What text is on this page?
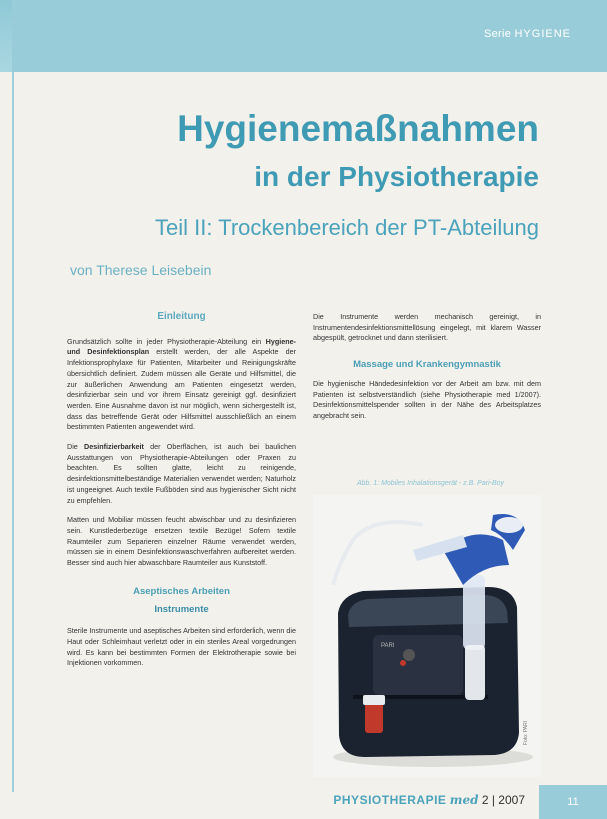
Serie HYGIENE
Hygienemaßnahmen
in der Physiotherapie
Teil II: Trockenbereich der PT-Abteilung
von Therese Leisebein
Einleitung

Grundsätzlich sollte in jeder Physiotherapie-Abteilung ein Hygiene- und Desinfektionsplan erstellt werden, der alle Aspekte der Infektionsprophylaxe für Patienten, Mitarbeiter und Reinigungskräfte übersichtlich definiert. Zudem müssen alle Geräte und Hilfsmittel, die zur äußerlichen Anwendung am Patienten eingesetzt werden, desinfizierbar sein und vor ihrem Einsatz gereinigt ggf. desinfiziert werden. Eine Ausnahme davon ist nur möglich, wenn sichergestellt ist, dass das betreffende Gerät oder Hilfsmittel ausschließlich an einem bestimmten Patienten angewendet wird.

Die Desinfizierbarkeit der Oberflächen, ist auch bei baulichen Ausstattungen von Physiotherapie-Abteilungen oder Praxen zu beachten. Es sollten glatte, leicht zu reinigende, desinfektionsmittelbeständige Materialien verwendet werden; Naturholz ist ungeeignet. Auch textile Fußböden sind aus hygienischer Sicht nicht zu empfehlen.

Matten und Mobiliar müssen feucht abwischbar und zu desinfizieren sein. Kunstlederbezüge ersetzen textile Bezüge! Sofern textile Raumteiler zum Separieren einzelner Räume verwendet werden, müssen sie in einem Desinfektionswaschverfahren aufbereitet werden. Besser sind auch hier abwaschbare Raumteiler aus Kunststoff.

Aseptisches Arbeiten
Instrumente

Sterile Instrumente und aseptisches Arbeiten sind erforderlich, wenn die Haut oder Schleimhaut verletzt oder in ein steriles Areal vorgedrungen wird. Es kann bei bestimmten Formen der Elektrotherapie sowie bei Injektionen vorkommen.

Die Instrumente werden mechanisch gereinigt, in Instrumentendesinfektionsmittellösung eingelegt, mit klarem Wasser abgespült, getrocknet und dann sterilisiert.

Massage und Krankengymnastik

Die hygienische Händedesinfektion vor der Arbeit am bzw. mit dem Patienten ist selbstverständlich (siehe Physiotherapie med 1/2007). Desinfektionsmittelspender sollten in der Nähe des Arbeitsplatzes angebracht sein.

Abb. 1: Mobiles Inhalationsgerät - z.B. Pari-Boy
PARI
Foto: PARI
PHYSIOTHERAPIE med 2 | 2007	11
